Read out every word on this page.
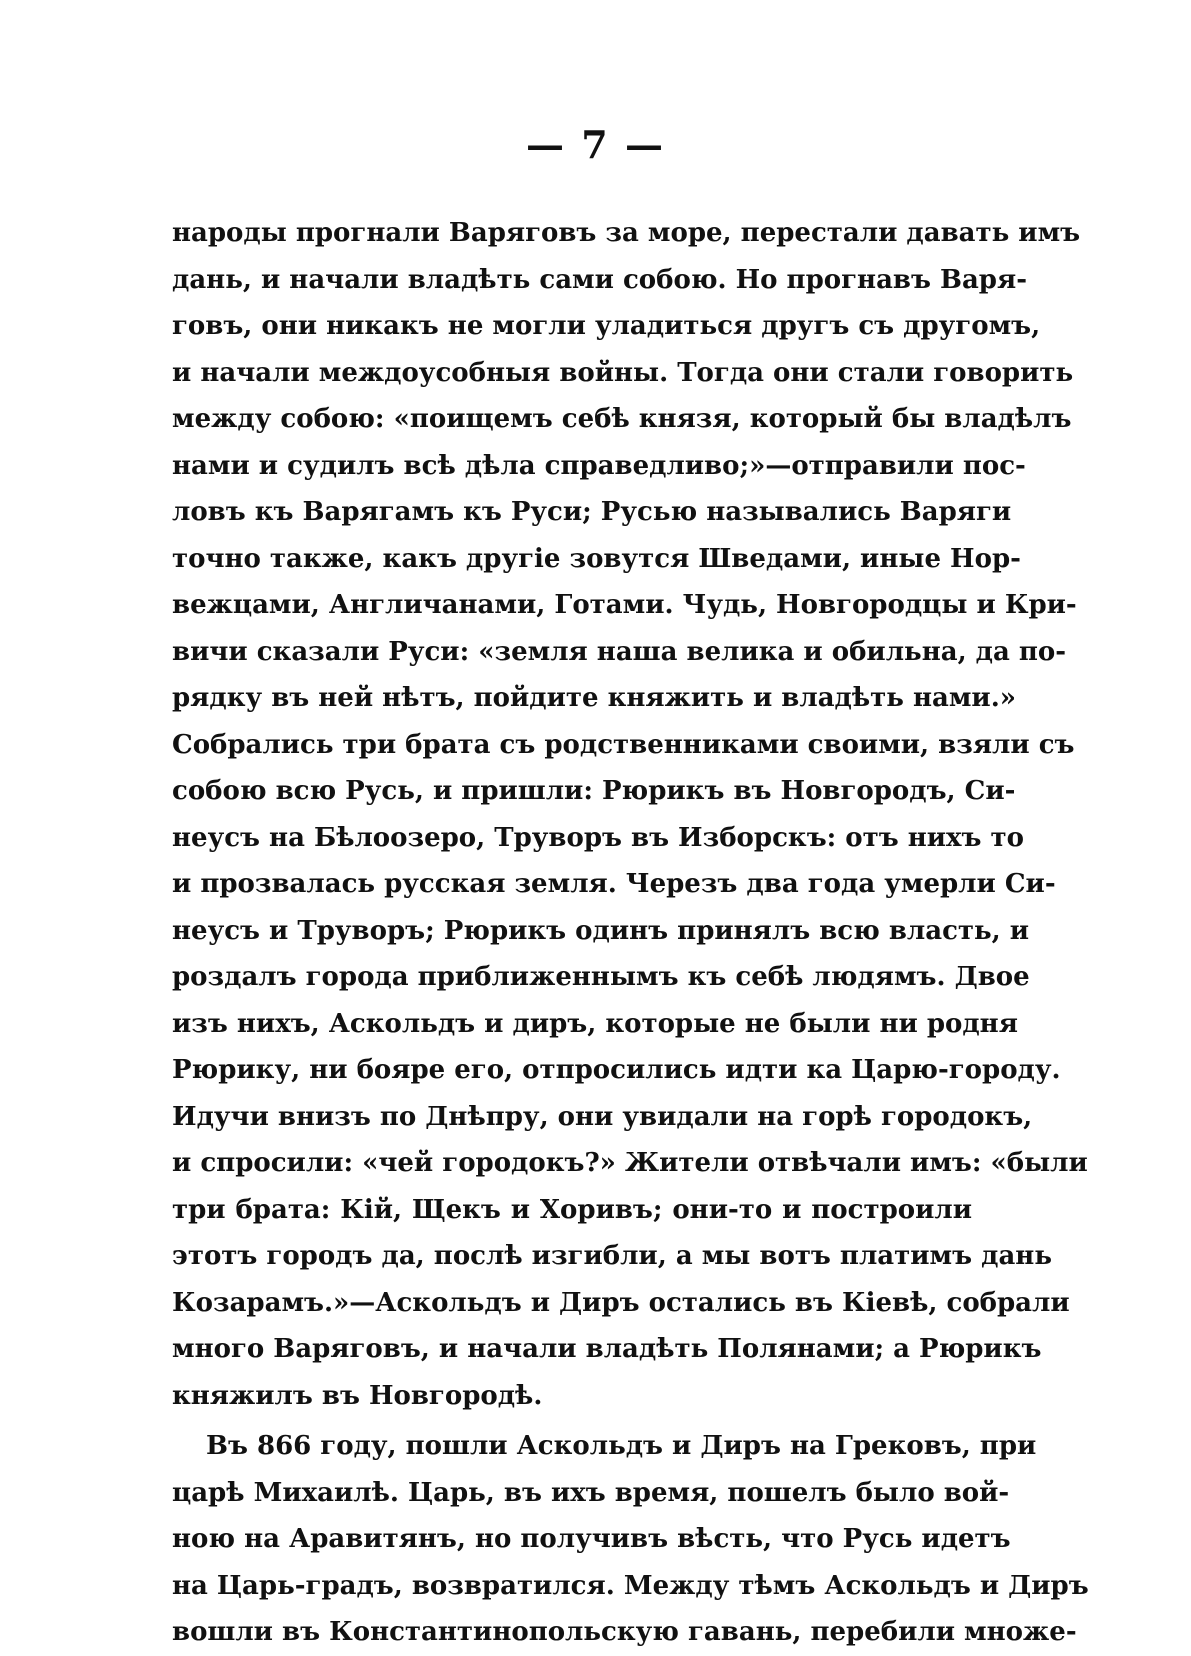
— 7 —
народы прогнали Варяговъ за море, перестали давать имъ
дань, и начали владѣть сами собою. Но прогнавъ Варя-
говъ, они никакъ не могли уладиться другъ съ другомъ,
и начали междоусобныя войны. Тогда они стали говорить
между собою: «поищемъ себѣ князя, который бы владѣлъ
нами и судилъ всѣ дѣла справедливо;»—отправили пос-
ловъ къ Варягамъ къ Руси; Русью назывались Варяги
точно также, какъ другіе зовутся Шведами, иные Нор-
вежцами, Англичанами, Готами. Чудь, Новгородцы и Кри-
вичи сказали Руси: «земля наша велика и обильна, да по-
рядку въ ней нѣтъ, пойдите княжить и владѣть нами.»
Собрались три брата съ родственниками своими, взяли съ
собою всю Русь, и пришли: Рюрикъ въ Новгородъ, Си-
неусъ на Бѣлоозеро, Труворъ въ Изборскъ: отъ нихъ то
и прозвалась русская земля. Черезъ два года умерли Си-
неусъ и Труворъ; Рюрикъ одинъ принялъ всю власть, и
роздалъ города приближеннымъ къ себѣ людямъ. Двое
изъ нихъ, Аскольдъ и диръ, которые не были ни родня
Рюрику, ни бояре его, отпросились идти ка Царю-городу.
Идучи внизъ по Днѣпру, они увидали на горѣ городокъ,
и спросили: «чей городокъ?» Жители отвѣчали имъ: «были
три брата: Кій, Щекъ и Хоривъ; они-то и построили
этотъ городъ да, послѣ изгибли, а мы вотъ платимъ дань
Козарамъ.»—Аскольдъ и Диръ остались въ Кіевѣ, собрали
много Варяговъ, и начали владѣть Полянами; а Рюрикъ
княжилъ въ Новгородѣ.
Въ 866 году, пошли Аскольдъ и Диръ на Грековъ, при
царѣ Михаилѣ. Царь, въ ихъ время, пошелъ было вой-
ною на Аравитянъ, но получивъ вѣсть, что Русь идетъ
на Царь-градъ, возвратился. Между тѣмъ Аскольдъ и Диръ
вошли въ Константинопольскую гавань, перебили множе-
